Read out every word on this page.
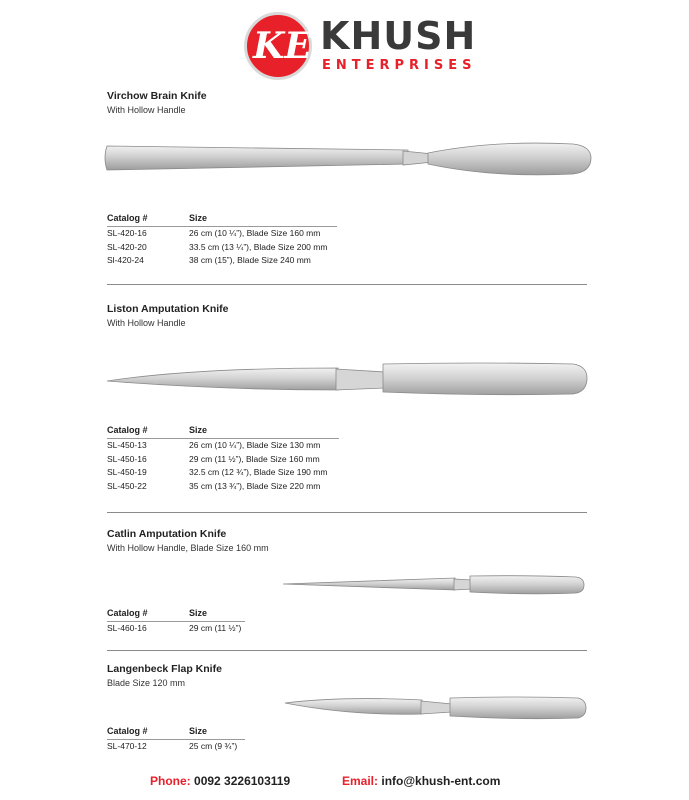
KE KHUSH
ENTERPRISES
Virchow Brain Knife
With Hollow Handle
Catalog #	Size
SL-420-16	26 cm (10 ¼”), Blade Size 160 mm
SL-420-20	33.5 cm (13 ¼”), Blade Size 200 mm
Sl-420-24	38 cm (15”), Blade Size 240 mm
Liston Amputation Knife
With Hollow Handle
Catalog #	Size
SL-450-13	26 cm (10 ¼”), Blade Size 130 mm
SL-450-16	29 cm (11 ½”), Blade Size 160 mm
SL-450-19	32.5 cm (12 ¾”), Blade Size 190 mm
SL-450-22	35 cm (13 ¾”), Blade Size 220 mm
Catlin Amputation Knife
With Hollow Handle, Blade Size 160 mm
Catalog #	Size
SL-460-16	29 cm (11 ½”)
Langenbeck Flap Knife
Blade Size 120 mm
Catalog #	Size
SL-470-12	25 cm (9 ¾”)
Phone: 0092 3226103119	Email: info@khush-ent.com
